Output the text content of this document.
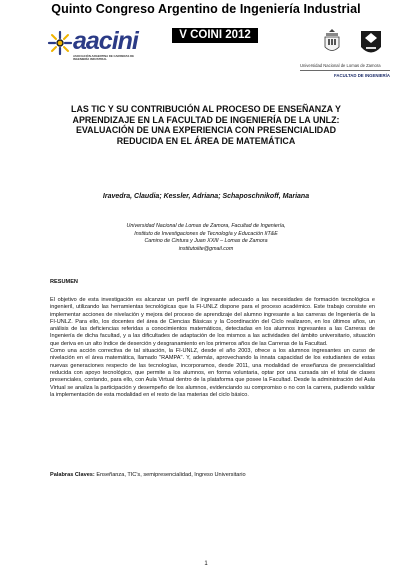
Quinto Congreso Argentino de Ingeniería Industrial
V COINI 2012
aacini
ASOCIACIÓN ARGENTINA DE CARRERAS DE INGENIERÍA INDUSTRIAL
Universidad Nacional de Lomas de Zamora
FACULTAD DE INGENIERÍA
LAS TIC Y SU CONTRIBUCIÓN AL PROCESO DE ENSEÑANZA Y
APRENDIZAJE EN LA FACULTAD DE INGENIERÍA DE LA UNLZ:
EVALUACIÓN DE UNA EXPERIENCIA CON PRESENCIALIDAD
REDUCIDA EN EL ÁREA DE MATEMÁTICA
Iravedra, Claudia; Kessler, Adriana; Schaposchnikoff, Mariana
Universidad Nacional de Lomas de Zamora, Facultad de Ingeniería,
Instituto de Investigaciones de Tecnología y Educación IIT&E
Camino de Cintura y Juan XXIII – Lomas de Zamora
institutoiite@gmail.com
RESUMEN

El objetivo de esta investigación es alcanzar un perfil de ingresante adecuado a las necesidades de formación tecnológica e ingenieril, utilizando las herramientas tecnológicas que la FI-UNLZ dispone para el proceso académico. Este trabajo consiste en implementar acciones de nivelación y mejora del proceso de aprendizaje del alumno ingresante a las carreras de Ingeniería de la FI-UNLZ. Para ello, los docentes del área de Ciencias Básicas y la Coordinación del Ciclo realizaron, en los últimos años, un análisis de las deficiencias referidas a conocimientos matemáticos, detectadas en los alumnos ingresantes a las Carreras de Ingeniería de dicha facultad, y a las dificultades de adaptación de los mismos a las actividades del ámbito universitario, situación que deriva en un alto índice de deserción y desgranamiento en los primeros años de las Carreras de la Facultad.

Como una acción correctiva de tal situación, la FI-UNLZ, desde el año 2003, ofrece a los alumnos ingresantes un curso de nivelación en el área matemática, llamado "RAMPA". Y, además, aprovechando la innata capacidad de los estudiantes de estas nuevas generaciones respecto de las tecnologías, incorporamos, desde 2011, una modalidad de enseñanza de presencialidad reducida con apoyo tecnológico, que permite a los alumnos, en forma voluntaria, optar por una cursada sin el total de clases presenciales, contando, para ello, con Aula Virtual dentro de la plataforma que posee la Facultad. Desde la administración del Aula Virtual se analiza la participación y desempeño de los alumnos, evidenciando su compromiso o no con la carrera, pudiendo validar la implementación de esta modalidad en el resto de las materias del ciclo básico.

Palabras Claves: Enseñanza, TIC's, semipresencialidad, Ingreso Universitario
1
